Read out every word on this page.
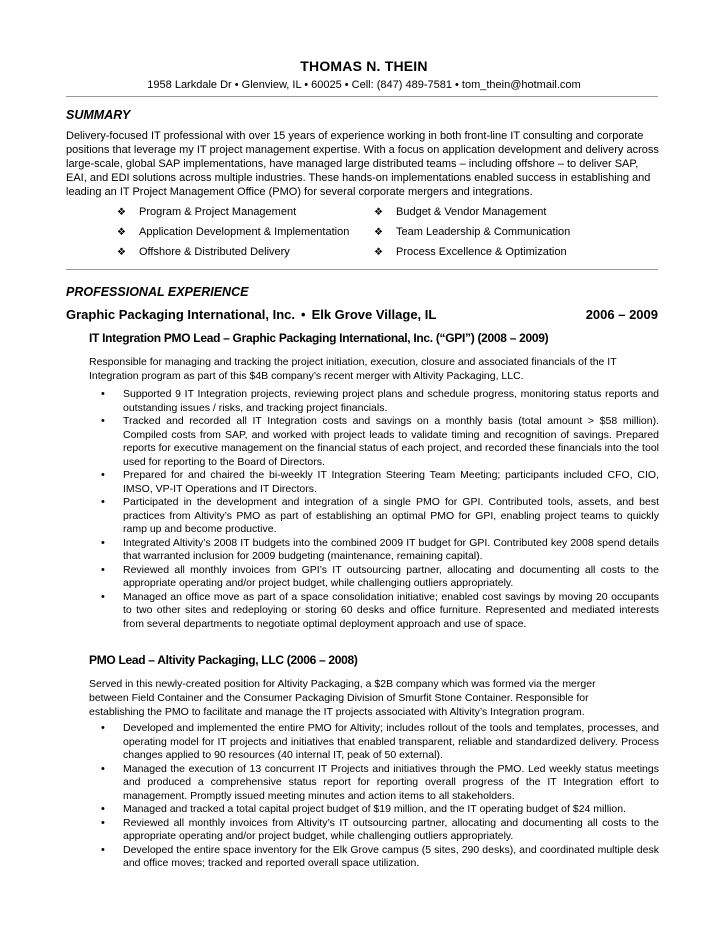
THOMAS N. THEIN
1958 Larkdale Dr • Glenview, IL • 60025 • Cell: (847) 489-7581 • tom_thein@hotmail.com
SUMMARY

Delivery-focused IT professional with over 15 years of experience working in both front-line IT consulting and corporate positions that leverage my IT project management expertise. With a focus on application development and delivery across large-scale, global SAP implementations, have managed large distributed teams – including offshore – to deliver SAP, EAI, and EDI solutions across multiple industries. These hands-on implementations enabled success in establishing and leading an IT Project Management Office (PMO) for several corporate mergers and integrations.

❖ Program & Project Management	❖ Budget & Vendor Management
❖ Application Development & Implementation ❖ Team Leadership & Communication
❖ Offshore & Distributed Delivery	❖ Process Excellence & Optimization
PROFESSIONAL EXPERIENCE
Graphic Packaging International, Inc. • Elk Grove Village, IL	2006 – 2009
IT Integration PMO Lead – Graphic Packaging International, Inc. (“GPI”) (2008 – 2009)

Responsible for managing and tracking the project initiation, execution, closure and associated financials of the IT Integration program as part of this $4B company’s recent merger with Altivity Packaging, LLC.

• Supported 9 IT Integration projects, reviewing project plans and schedule progress, monitoring status reports and outstanding issues / risks, and tracking project financials.
• Tracked and recorded all IT Integration costs and savings on a monthly basis (total amount > $58 million). Compiled costs from SAP, and worked with project leads to validate timing and recognition of savings. Prepared reports for executive management on the financial status of each project, and recorded these financials into the tool used for reporting to the Board of Directors.
• Prepared for and chaired the bi-weekly IT Integration Steering Team Meeting; participants included CFO, CIO, IMSO, VP-IT Operations and IT Directors.
• Participated in the development and integration of a single PMO for GPI. Contributed tools, assets, and best practices from Altivity’s PMO as part of establishing an optimal PMO for GPI, enabling project teams to quickly ramp up and become productive.
• Integrated Altivity’s 2008 IT budgets into the combined 2009 IT budget for GPI. Contributed key 2008 spend details that warranted inclusion for 2009 budgeting (maintenance, remaining capital).
• Reviewed all monthly invoices from GPI’s IT outsourcing partner, allocating and documenting all costs to the appropriate operating and/or project budget, while challenging outliers appropriately.
• Managed an office move as part of a space consolidation initiative; enabled cost savings by moving 20 occupants to two other sites and redeploying or storing 60 desks and office furniture. Represented and mediated interests from several departments to negotiate optimal deployment approach and use of space.
PMO Lead – Altivity Packaging, LLC (2006 – 2008)

Served in this newly-created position for Altivity Packaging, a $2B company which was formed via the merger between Field Container and the Consumer Packaging Division of Smurfit Stone Container. Responsible for establishing the PMO to facilitate and manage the IT projects associated with Altivity’s Integration program.

• Developed and implemented the entire PMO for Altivity; includes rollout of the tools and templates, processes, and operating model for IT projects and initiatives that enabled transparent, reliable and standardized delivery. Process changes applied to 90 resources (40 internal IT, peak of 50 external).
• Managed the execution of 13 concurrent IT Projects and initiatives through the PMO. Led weekly status meetings and produced a comprehensive status report for reporting overall progress of the IT Integration effort to management. Promptly issued meeting minutes and action items to all stakeholders.
• Managed and tracked a total capital project budget of $19 million, and the IT operating budget of $24 million.
• Reviewed all monthly invoices from Altivity’s IT outsourcing partner, allocating and documenting all costs to the appropriate operating and/or project budget, while challenging outliers appropriately.
• Developed the entire space inventory for the Elk Grove campus (5 sites, 290 desks), and coordinated multiple desk and office moves; tracked and reported overall space utilization.
